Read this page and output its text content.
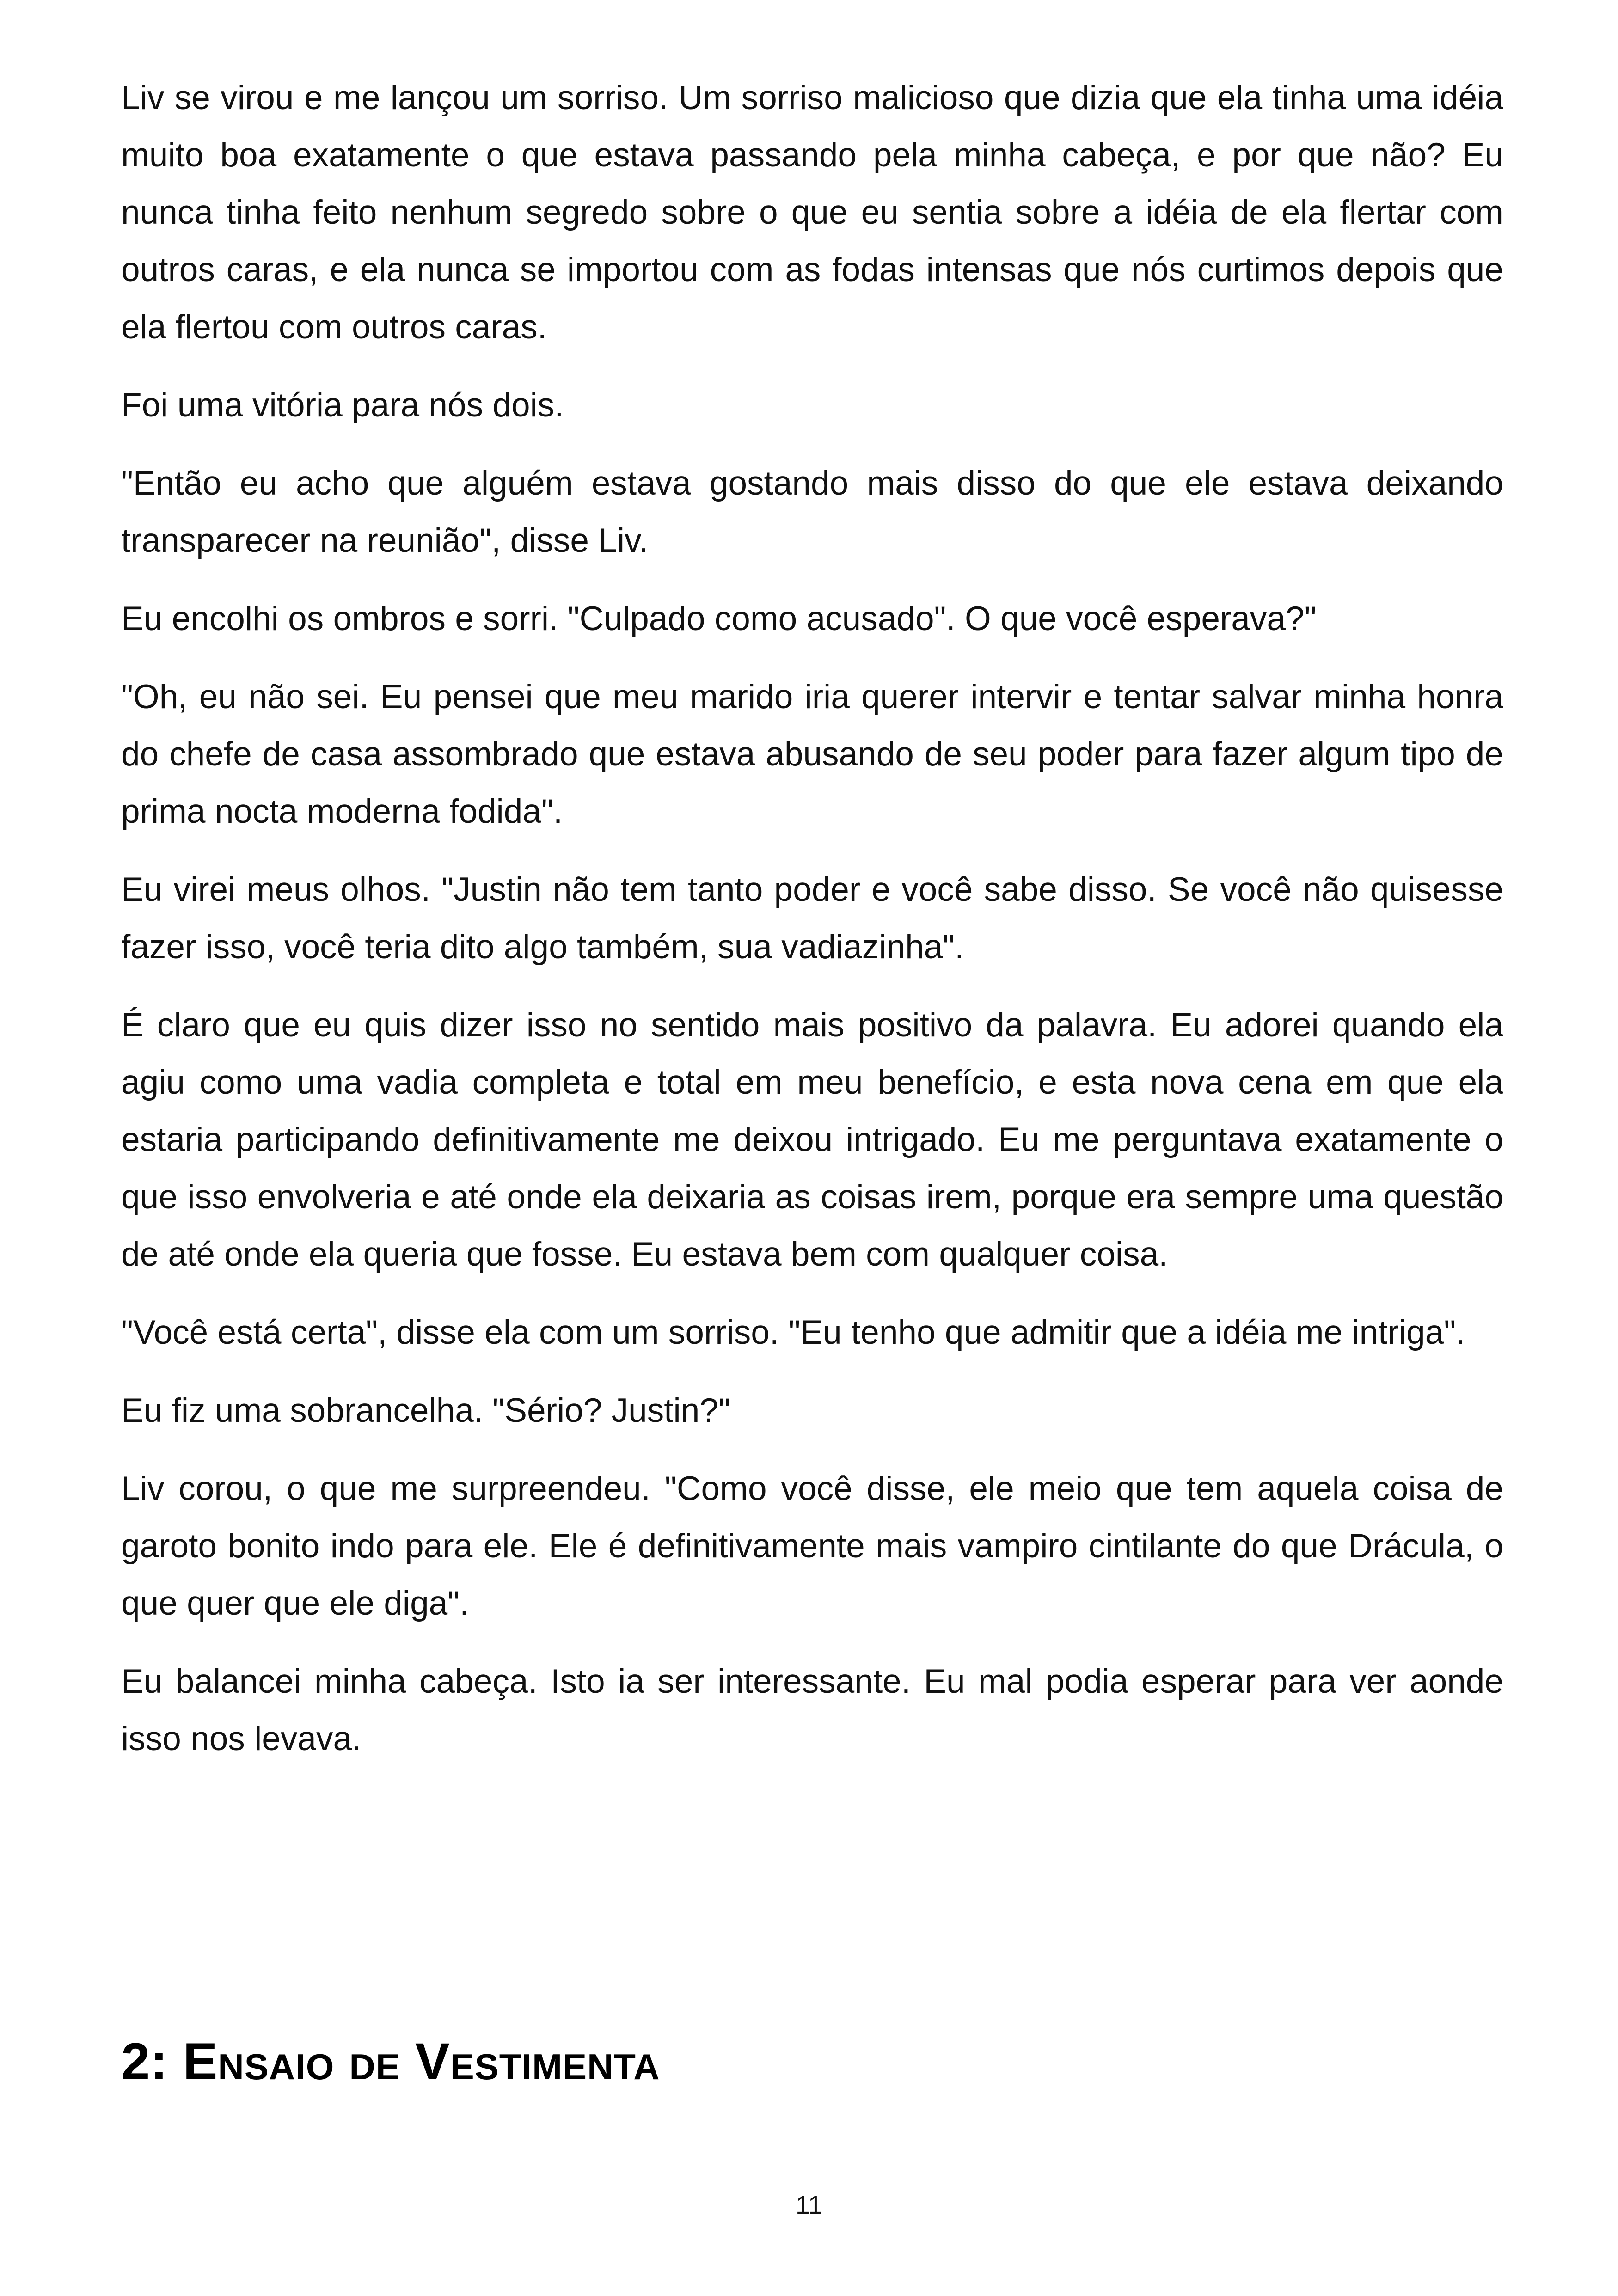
Liv se virou e me lançou um sorriso. Um sorriso malicioso que dizia que ela tinha uma idéia muito boa exatamente o que estava passando pela minha cabeça, e por que não? Eu nunca tinha feito nenhum segredo sobre o que eu sentia sobre a idéia de ela flertar com outros caras, e ela nunca se importou com as fodas intensas que nós curtimos depois que ela flertou com outros caras.

Foi uma vitória para nós dois.

"Então eu acho que alguém estava gostando mais disso do que ele estava deixando transparecer na reunião", disse Liv.

Eu encolhi os ombros e sorri. "Culpado como acusado". O que você esperava?"

"Oh, eu não sei. Eu pensei que meu marido iria querer intervir e tentar salvar minha honra do chefe de casa assombrado que estava abusando de seu poder para fazer algum tipo de prima nocta moderna fodida".

Eu virei meus olhos. "Justin não tem tanto poder e você sabe disso. Se você não quisesse fazer isso, você teria dito algo também, sua vadiazinha".

É claro que eu quis dizer isso no sentido mais positivo da palavra. Eu adorei quando ela agiu como uma vadia completa e total em meu benefício, e esta nova cena em que ela estaria participando definitivamente me deixou intrigado. Eu me perguntava exatamente o que isso envolveria e até onde ela deixaria as coisas irem, porque era sempre uma questão de até onde ela queria que fosse. Eu estava bem com qualquer coisa.

"Você está certa", disse ela com um sorriso. "Eu tenho que admitir que a idéia me intriga".

Eu fiz uma sobrancelha. "Sério? Justin?"

Liv corou, o que me surpreendeu. "Como você disse, ele meio que tem aquela coisa de garoto bonito indo para ele. Ele é definitivamente mais vampiro cintilante do que Drácula, o que quer que ele diga".

Eu balancei minha cabeça. Isto ia ser interessante. Eu mal podia esperar para ver aonde isso nos levava.

2: Ensaio de Vestimenta
11
